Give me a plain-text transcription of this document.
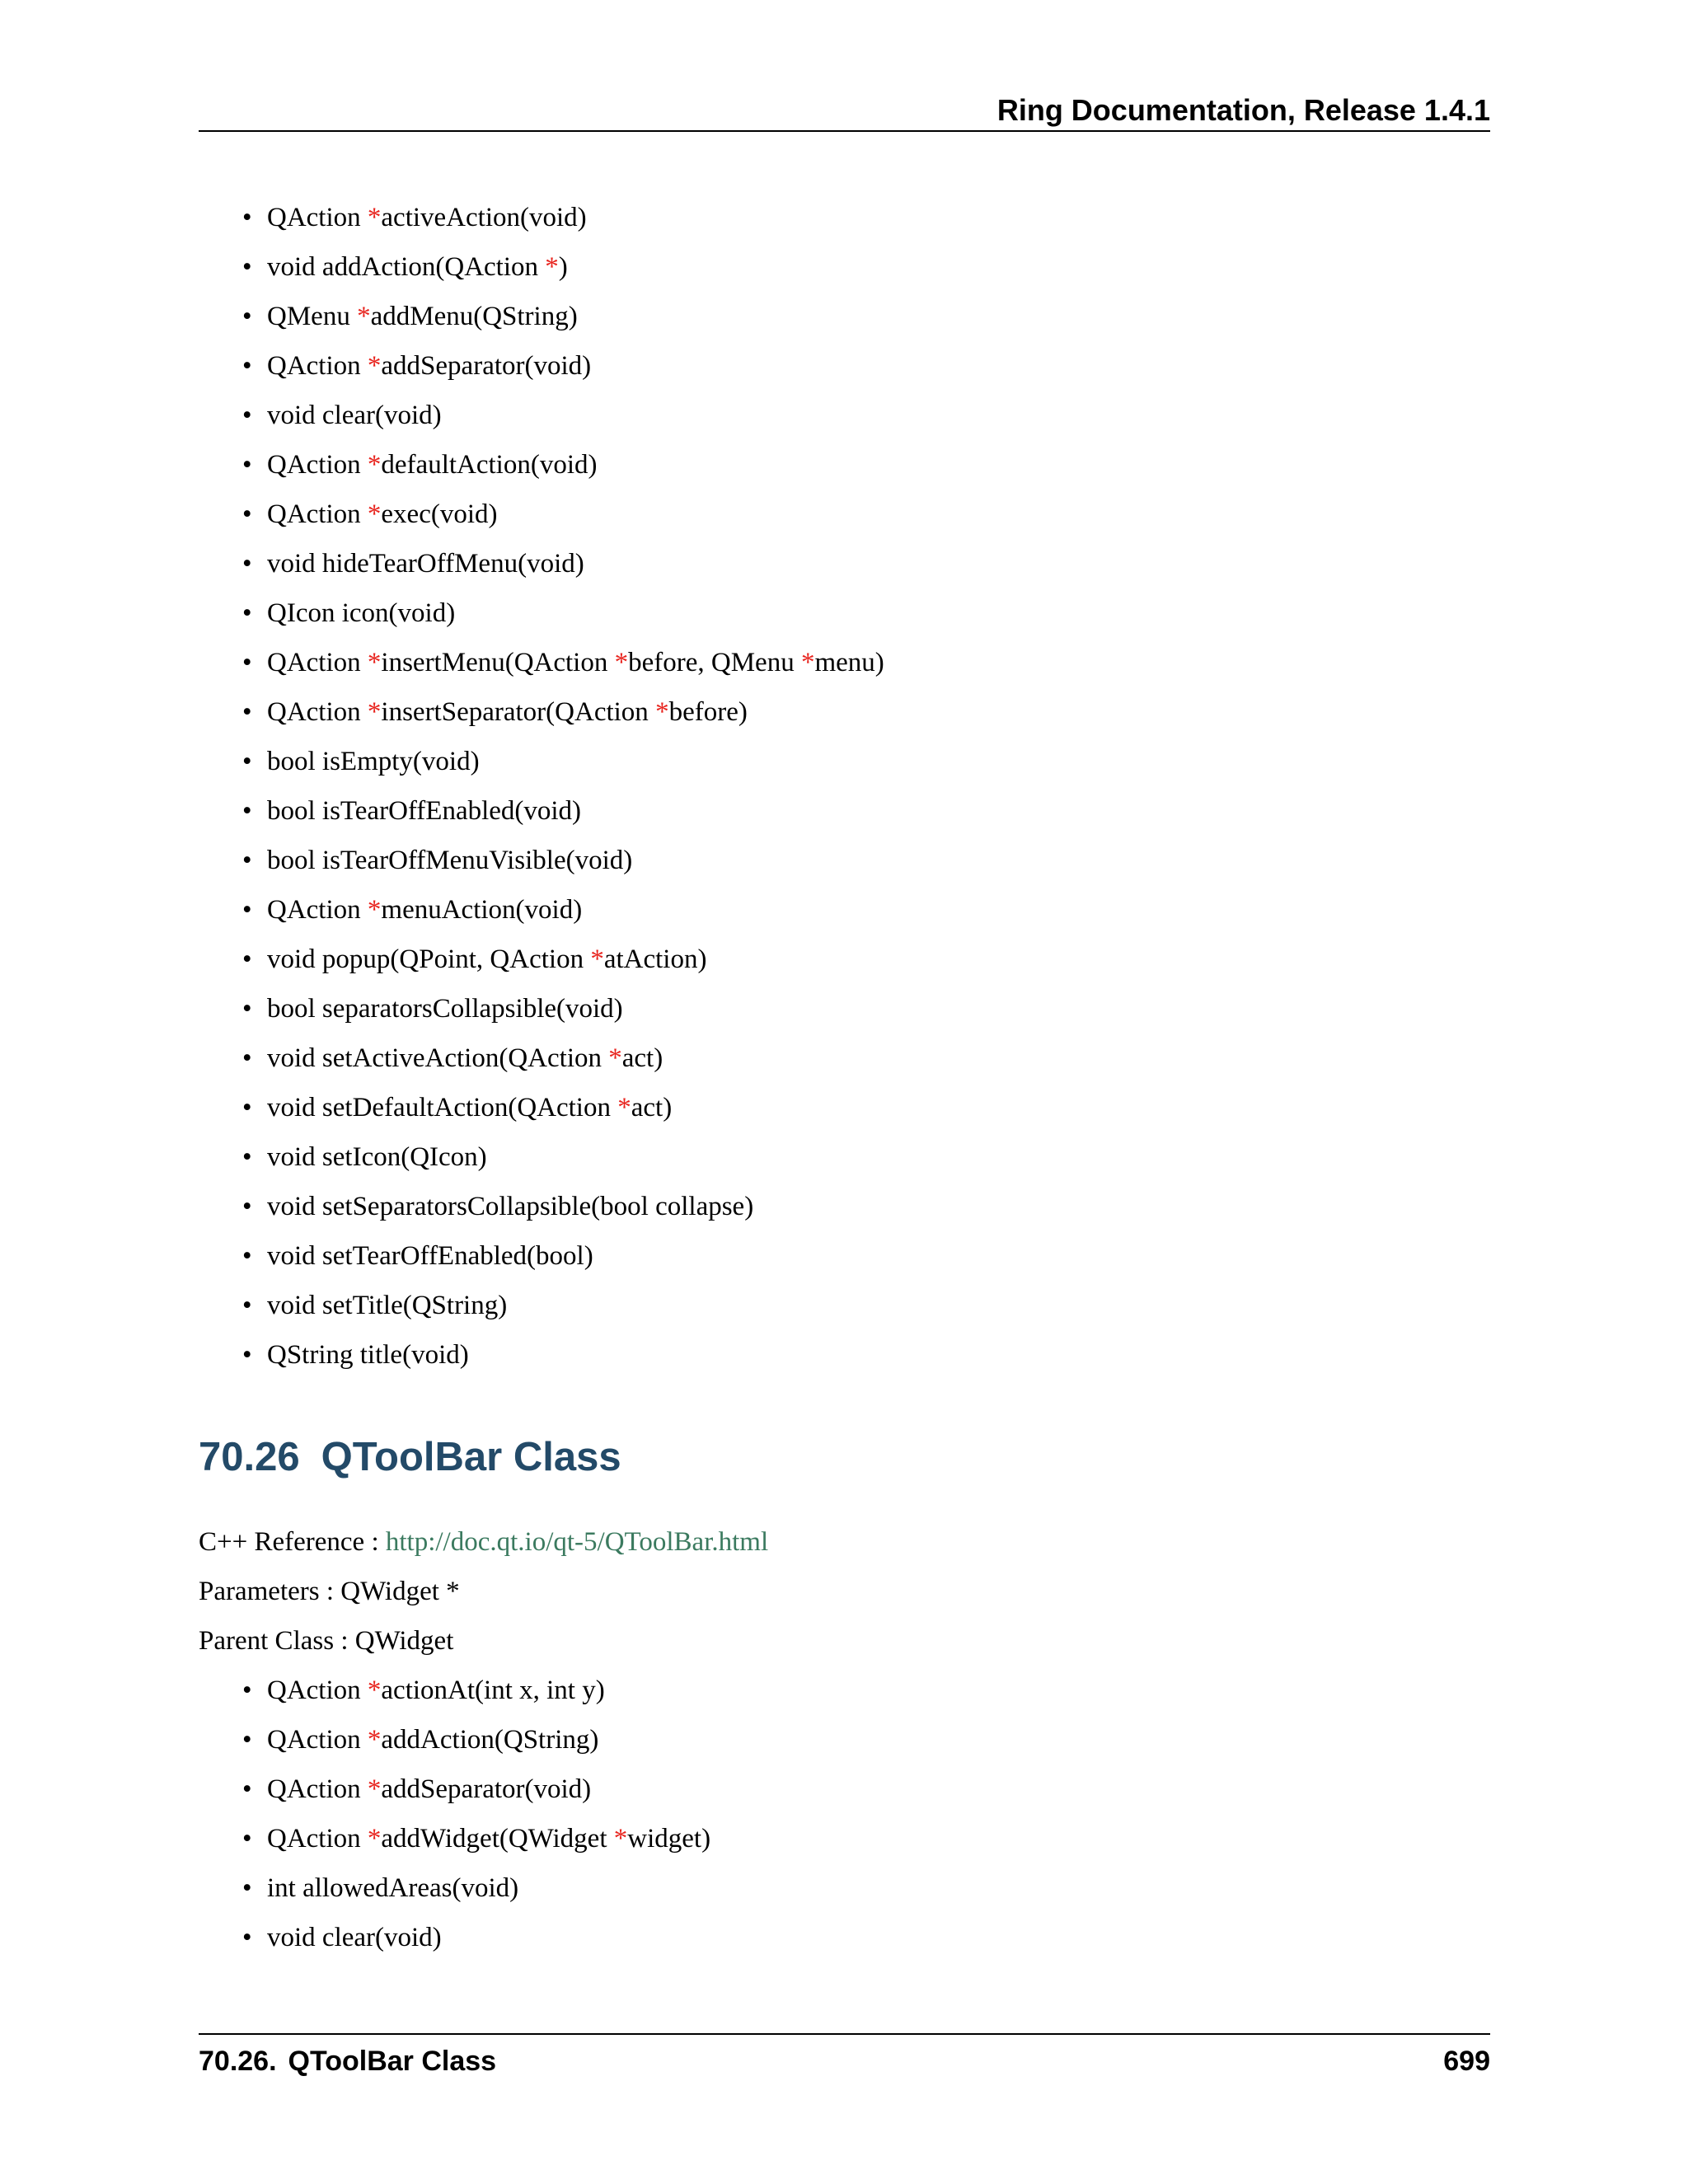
Ring Documentation, Release 1.4.1
• QAction *activeAction(void)
• void addAction(QAction *)
• QMenu *addMenu(QString)
• QAction *addSeparator(void)
• void clear(void)
• QAction *defaultAction(void)
• QAction *exec(void)
• void hideTearOffMenu(void)
• QIcon icon(void)
• QAction *insertMenu(QAction *before, QMenu *menu)
• QAction *insertSeparator(QAction *before)
• bool isEmpty(void)
• bool isTearOffEnabled(void)
• bool isTearOffMenuVisible(void)
• QAction *menuAction(void)
• void popup(QPoint, QAction *atAction)
• bool separatorsCollapsible(void)
• void setActiveAction(QAction *act)
• void setDefaultAction(QAction *act)
• void setIcon(QIcon)
• void setSeparatorsCollapsible(bool collapse)
• void setTearOffEnabled(bool)
• void setTitle(QString)
• QString title(void)
70.26 QToolBar Class
C++ Reference : http://doc.qt.io/qt-5/QToolBar.html
Parameters : QWidget *
Parent Class : QWidget
• QAction *actionAt(int x, int y)
• QAction *addAction(QString)
• QAction *addSeparator(void)
• QAction *addWidget(QWidget *widget)
• int allowedAreas(void)
• void clear(void)
70.26. QToolBar Class	699
